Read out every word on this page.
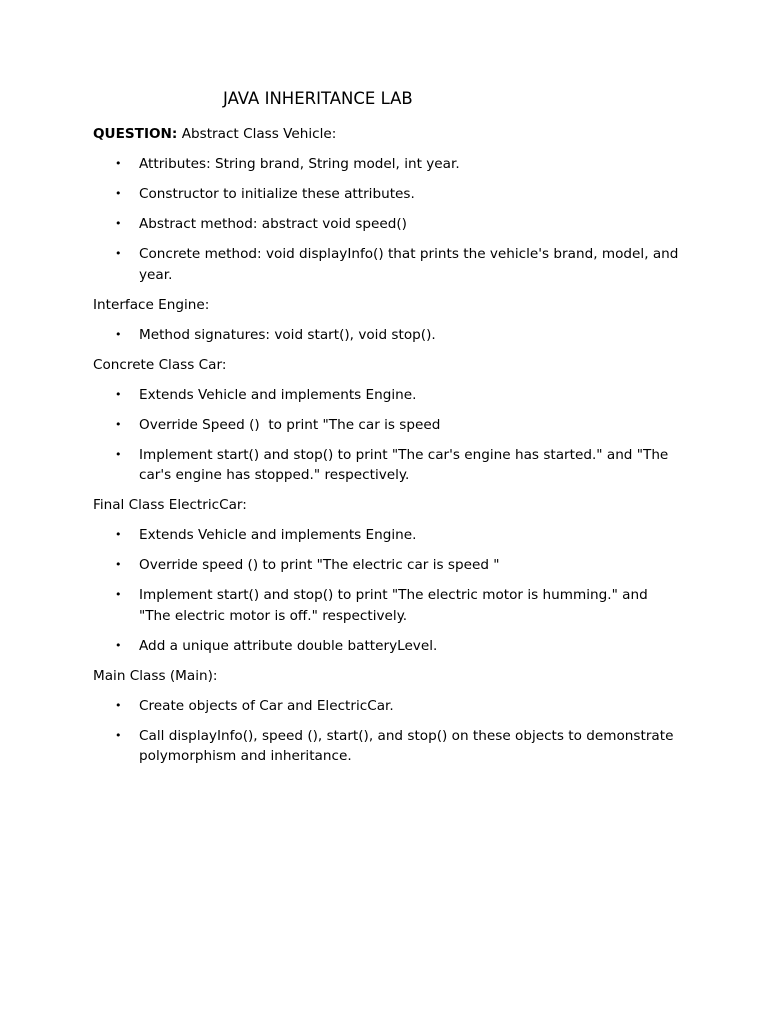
JAVA INHERITANCE LAB

QUESTION: Abstract Class Vehicle:

• Attributes: String brand, String model, int year.
• Constructor to initialize these attributes.
• Abstract method: abstract void speed()
• Concrete method: void displayInfo() that prints the vehicle's brand, model, and year.

Interface Engine:

• Method signatures: void start(), void stop().

Concrete Class Car:

• Extends Vehicle and implements Engine.
• Override Speed ()  to print "The car is speed
• Implement start() and stop() to print "The car's engine has started." and "The car's engine has stopped." respectively.

Final Class ElectricCar:

• Extends Vehicle and implements Engine.
• Override speed () to print "The electric car is speed "
• Implement start() and stop() to print "The electric motor is humming." and "The electric motor is off." respectively.
• Add a unique attribute double batteryLevel.

Main Class (Main):

• Create objects of Car and ElectricCar.
• Call displayInfo(), speed (), start(), and stop() on these objects to demonstrate polymorphism and inheritance.
